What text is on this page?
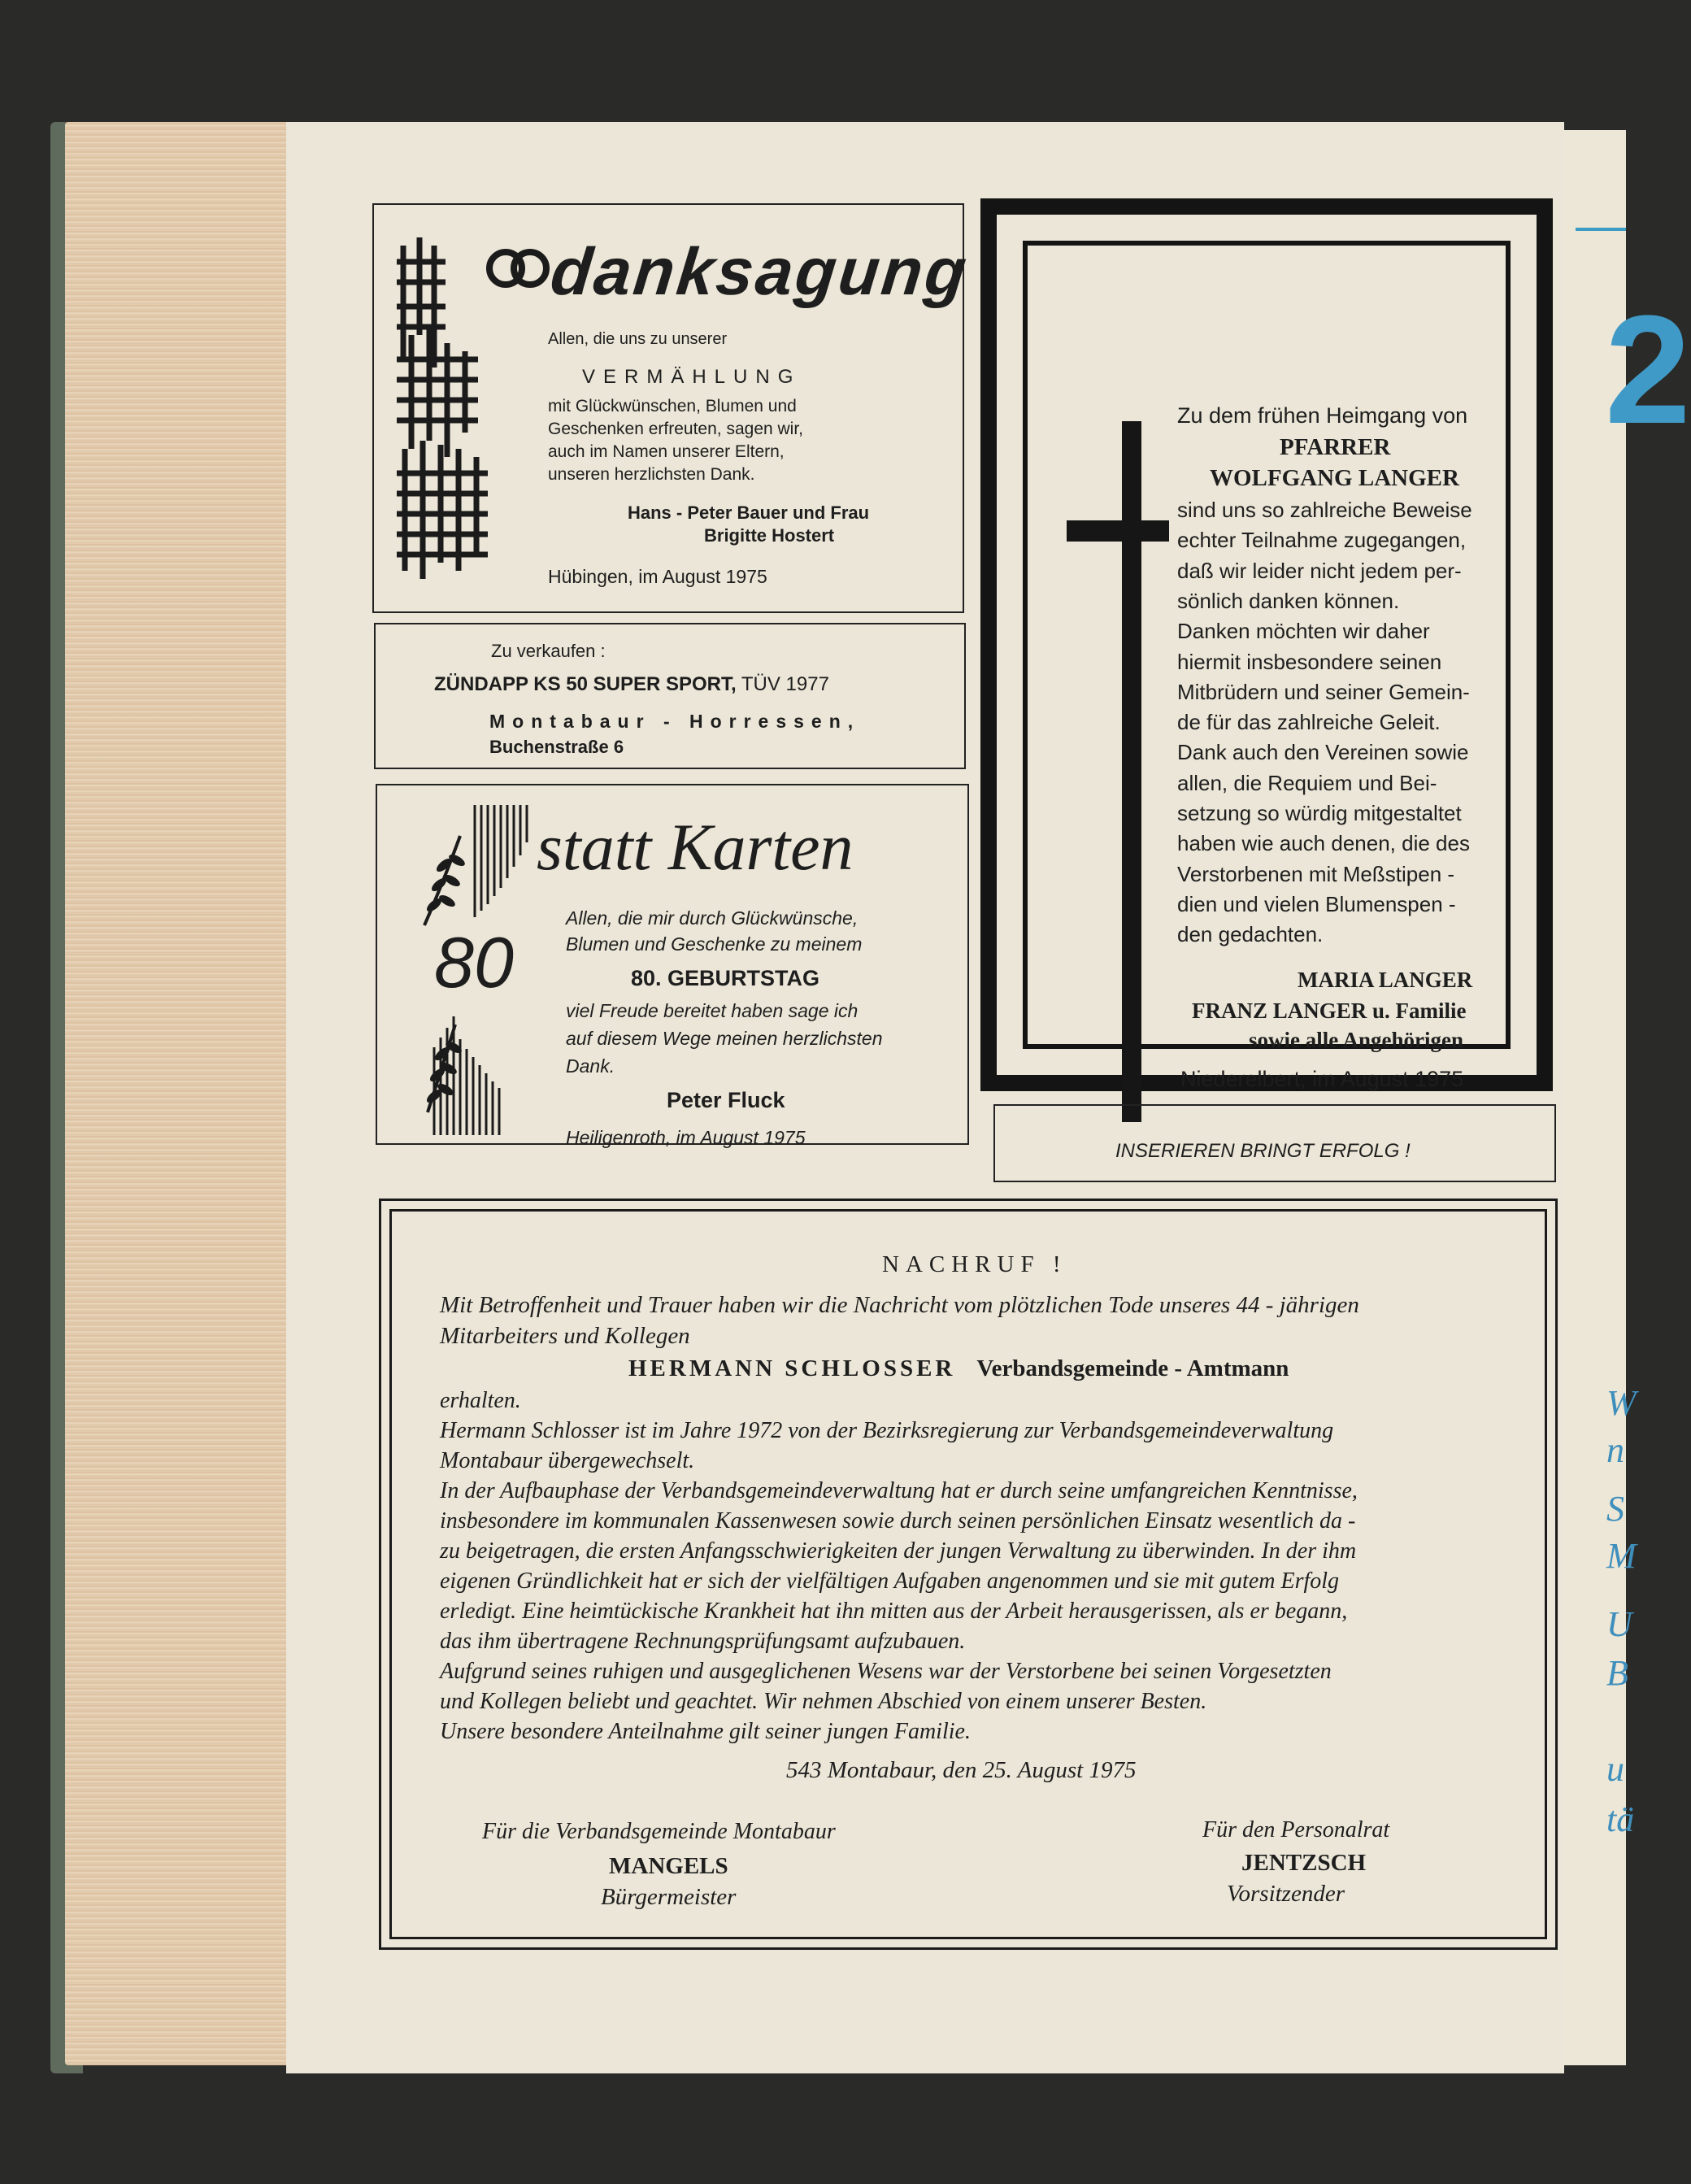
danksagung
Allen, die uns zu unserer
VERMÄHLUNG
mit Glückwünschen, Blumen und
Geschenken erfreuten, sagen wir,
auch im Namen unserer Eltern,
unseren herzlichsten Dank.
Hans - Peter Bauer und Frau
Brigitte Hostert
Hübingen, im August 1975
Zu verkaufen :
ZÜNDAPP KS 50 SUPER SPORT, TÜV 1977
Montabaur - Horressen,
Buchenstraße 6
statt Karten
80
Allen, die mir durch Glückwünsche,
Blumen und Geschenke zu meinem
80. GEBURTSTAG
viel Freude bereitet haben sage ich
auf diesem Wege meinen herzlichsten
Dank.
Peter Fluck
Heiligenroth, im August 1975
Zu dem frühen Heimgang von
PFARRER
WOLFGANG LANGER
sind uns so zahlreiche Beweise
echter Teilnahme zugegangen,
daß wir leider nicht jedem per-
sönlich danken können.
Danken möchten wir daher
hiermit insbesondere seinen
Mitbrüdern und seiner Gemein-
de für das zahlreiche Geleit.
Dank auch den Vereinen sowie
allen, die Requiem und Bei-
setzung so würdig mitgestaltet
haben wie auch denen, die des
Verstorbenen mit Meßstipen -
dien und vielen Blumenspen -
den gedachten.
MARIA LANGER
FRANZ LANGER u. Familie
sowie alle Angehörigen
Niederelbert, im August 1975
INSERIEREN BRINGT ERFOLG !
NACHRUF !
Mit Betroffenheit und Trauer haben wir die Nachricht vom plötzlichen Tode unseres 44 - jährigen
Mitarbeiters und Kollegen
HERMANN SCHLOSSER Verbandsgemeinde - Amtmann
erhalten.
Hermann Schlosser ist im Jahre 1972 von der Bezirksregierung zur Verbandsgemeindeverwaltung
Montabaur übergewechselt.
In der Aufbauphase der Verbandsgemeindeverwaltung hat er durch seine umfangreichen Kenntnisse,
insbesondere im kommunalen Kassenwesen sowie durch seinen persönlichen Einsatz wesentlich da -
zu beigetragen, die ersten Anfangsschwierigkeiten der jungen Verwaltung zu überwinden. In der ihm
eigenen Gründlichkeit hat er sich der vielfältigen Aufgaben angenommen und sie mit gutem Erfolg
erledigt. Eine heimtückische Krankheit hat ihn mitten aus der Arbeit herausgerissen, als er begann,
das ihm übertragene Rechnungsprüfungsamt aufzubauen.
Aufgrund seines ruhigen und ausgeglichenen Wesens war der Verstorbene bei seinen Vorgesetzten
und Kollegen beliebt und geachtet. Wir nehmen Abschied von einem unserer Besten.
Unsere besondere Anteilnahme gilt seiner jungen Familie.
543 Montabaur, den 25. August 1975
Für die Verbandsgemeinde Montabaur
MANGELS
Bürgermeister
Für den Personalrat
JENTZSCH
Vorsitzender
2
W
n
S
M
U
B
u
tä
